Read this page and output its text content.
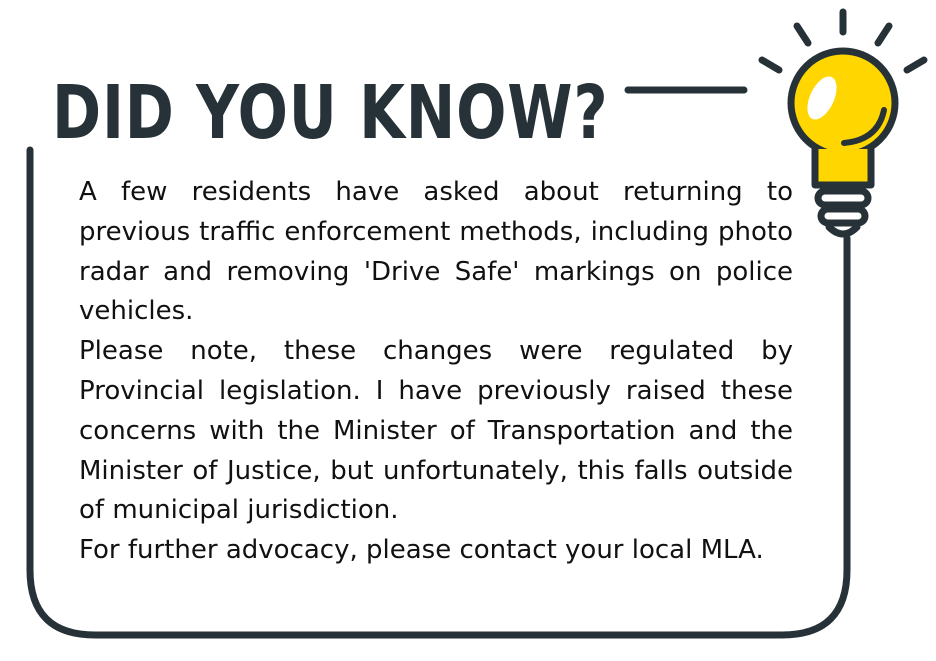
DID YOU KNOW?

A few residents have asked about returning to previous traffic enforcement methods, including photo radar and removing 'Drive Safe' markings on police vehicles.

Please note, these changes were regulated by Provincial legislation. I have previously raised these concerns with the Minister of Transportation and the Minister of Justice, but unfortunately, this falls outside of municipal jurisdiction.

For further advocacy, please contact your local MLA.
